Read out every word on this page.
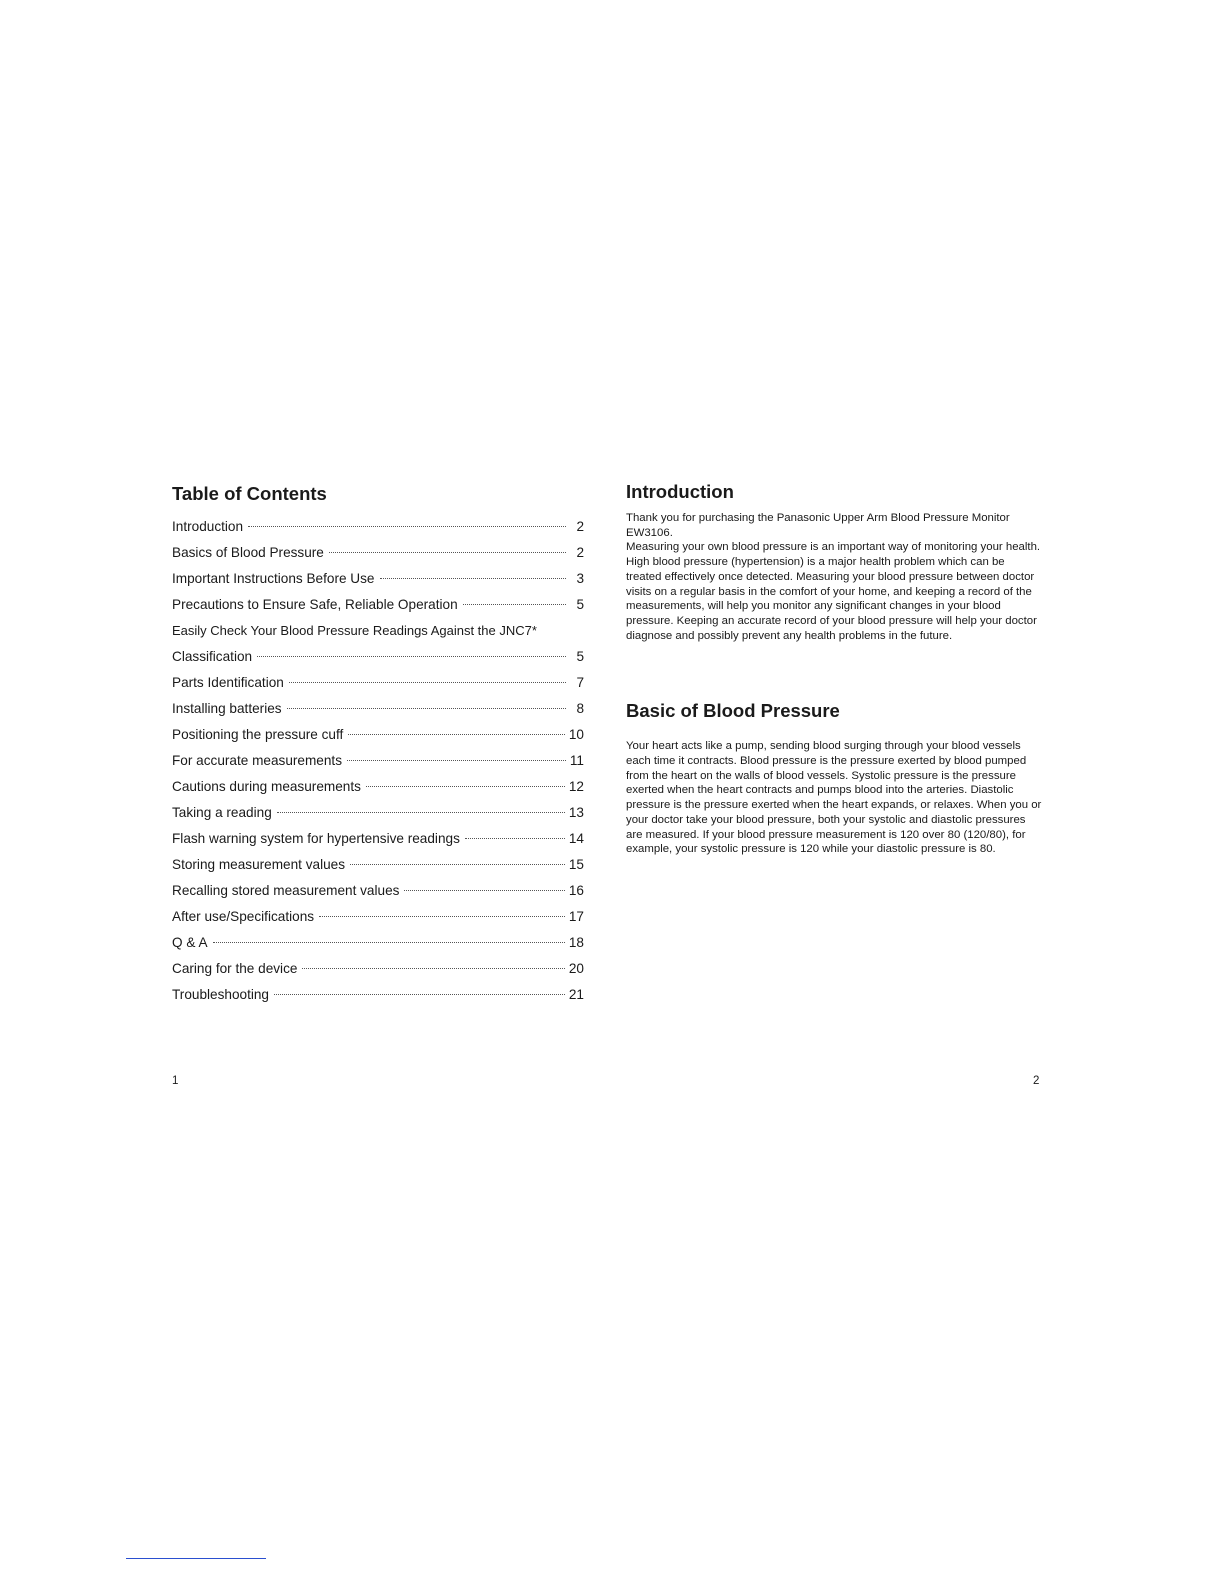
Table of Contents
Introduction	2
Basics of Blood Pressure	2
Important Instructions Before Use	3
Precautions to Ensure Safe, Reliable Operation	5
Easily Check Your Blood Pressure Readings Against the JNC7*
Classification	5
Parts Identification	7
Installing batteries	8
Positioning the pressure cuff	10
For accurate measurements	11
Cautions during measurements	12
Taking a reading	13
Flash warning system for hypertensive readings	14
Storing measurement values	15
Recalling stored measurement values	16
After use/Specifications	17
Q & A	18
Caring for the device	20
Troubleshooting	21
Introduction

Thank you for purchasing the Panasonic Upper Arm Blood Pressure Monitor EW3106.
Measuring your own blood pressure is an important way of monitoring your health. High blood pressure (hypertension) is a major health problem which can be treated effectively once detected. Measuring your blood pressure between doctor visits on a regular basis in the comfort of your home, and keeping a record of the measurements, will help you monitor any significant changes in your blood pressure. Keeping an accurate record of your blood pressure will help your doctor diagnose and possibly prevent any health problems in the future.

Basic of Blood Pressure

Your heart acts like a pump, sending blood surging through your blood vessels each time it contracts. Blood pressure is the pressure exerted by blood pumped from the heart on the walls of blood vessels. Systolic pressure is the pressure exerted when the heart contracts and pumps blood into the arteries. Diastolic pressure is the pressure exerted when the heart expands, or relaxes. When you or your doctor take your blood pressure, both your systolic and diastolic pressures are measured. If your blood pressure measurement is 120 over 80 (120/80), for example, your systolic pressure is 120 while your diastolic pressure is 80.

1	2
